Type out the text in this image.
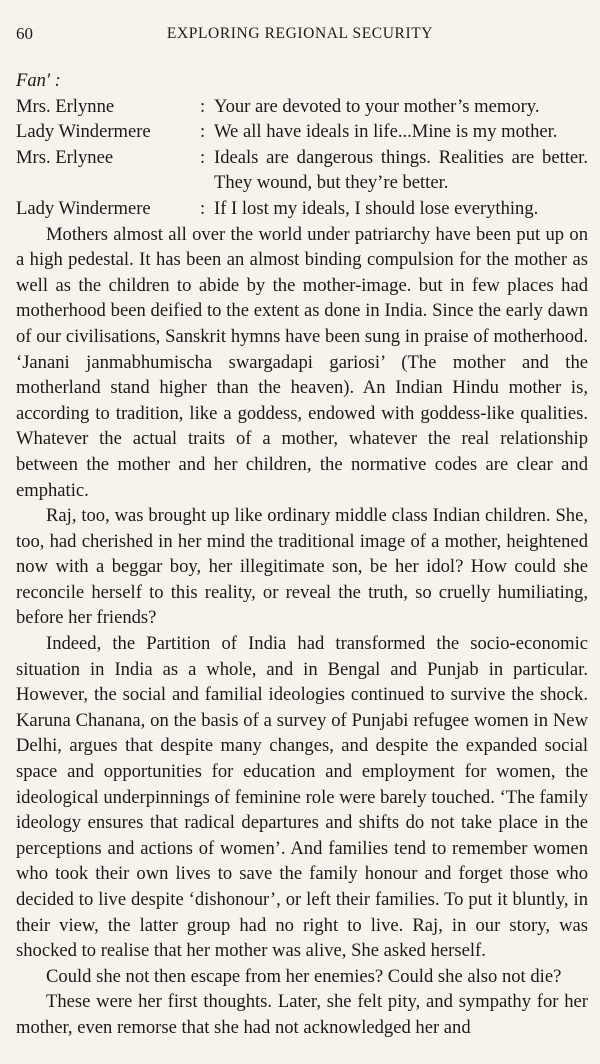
60	EXPLORING REGIONAL SECURITY
Fan' :
Mrs. Erlynne	: Your are devoted to your mother’s memory.
Lady Windermere	: We all have ideals in life...Mine is my mother.
Mrs. Erlynee	: Ideals are dangerous things. Realities are better. They wound, but they’re better.
Lady Windermere	: If I lost my ideals, I should lose everything.

Mothers almost all over the world under patriarchy have been put up on a high pedestal. It has been an almost binding compulsion for the mother as well as the children to abide by the mother-image. but in few places had motherhood been deified to the extent as done in India. Since the early dawn of our civilisations, Sanskrit hymns have been sung in praise of motherhood. ‘Janani janmabhumischa swargadapi gariosi’ (The mother and the motherland stand higher than the heaven). An Indian Hindu mother is, according to tradition, like a goddess, endowed with goddess-like qualities. Whatever the actual traits of a mother, whatever the real relationship between the mother and her children, the normative codes are clear and emphatic.

Raj, too, was brought up like ordinary middle class Indian children. She, too, had cherished in her mind the traditional image of a mother, heightened now with a beggar boy, her illegitimate son, be her idol? How could she reconcile herself to this reality, or reveal the truth, so cruelly humiliating, before her friends?

Indeed, the Partition of India had transformed the socio-economic situation in India as a whole, and in Bengal and Punjab in particular. However, the social and familial ideologies continued to survive the shock. Karuna Chanana, on the basis of a survey of Punjabi refugee women in New Delhi, argues that despite many changes, and despite the expanded social space and opportunities for education and employment for women, the ideological underpinnings of feminine role were barely touched. ‘The family ideology ensures that radical departures and shifts do not take place in the perceptions and actions of women’. And families tend to remember women who took their own lives to save the family honour and forget those who decided to live despite ‘dishonour’, or left their families. To put it bluntly, in their view, the latter group had no right to live. Raj, in our story, was shocked to realise that her mother was alive, She asked herself.

Could she not then escape from her enemies? Could she also not die?

These were her first thoughts. Later, she felt pity, and sympathy for her mother, even remorse that she had not acknowledged her and
